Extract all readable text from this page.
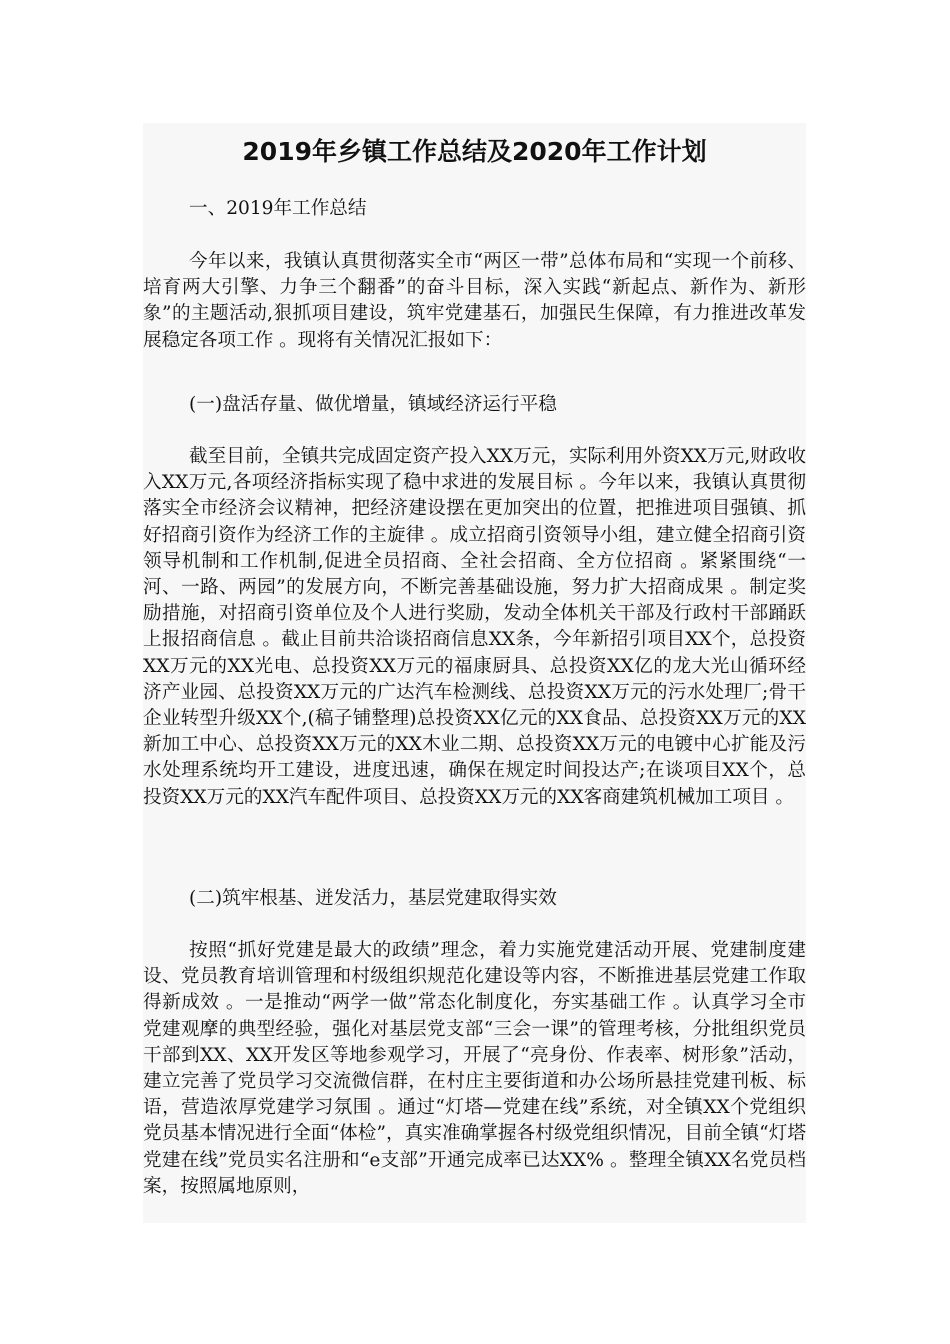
2019年乡镇工作总结及2020年工作计划

一、2019年工作总结

今年以来，我镇认真贯彻落实全市“两区一带”总体布局和“实现一个前移、培育两大引擎、力争三个翻番”的奋斗目标，深入实践“新起点、新作为、新形象”的主题活动,狠抓项目建设，筑牢党建基石，加强民生保障，有力推进改革发展稳定各项工作 。现将有关情况汇报如下：

(一)盘活存量、做优增量，镇域经济运行平稳

截至目前，全镇共完成固定资产投入XX万元，实际利用外资XX万元,财政收入XX万元,各项经济指标实现了稳中求进的发展目标 。今年以来，我镇认真贯彻落实全市经济会议精神，把经济建设摆在更加突出的位置，把推进项目强镇、抓好招商引资作为经济工作的主旋律 。成立招商引资领导小组，建立健全招商引资领导机制和工作机制,促进全员招商、全社会招商、全方位招商 。紧紧围绕“一河、一路、两园”的发展方向，不断完善基础设施，努力扩大招商成果 。制定奖励措施，对招商引资单位及个人进行奖励，发动全体机关干部及行政村干部踊跃上报招商信息 。截止目前共洽谈招商信息XX条，今年新招引项目XX个，总投资XX万元的XX光电、总投资XX万元的福康厨具、总投资XX亿的龙大光山循环经济产业园、总投资XX万元的广达汽车检测线、总投资XX万元的污水处理厂;骨干企业转型升级XX个,(稿子铺整理)总投资XX亿元的XX食品、总投资XX万元的XX新加工中心、总投资XX万元的XX木业二期、总投资XX万元的电镀中心扩能及污水处理系统均开工建设，进度迅速，确保在规定时间投达产;在谈项目XX个，总投资XX万元的XX汽车配件项目、总投资XX万元的XX客商建筑机械加工项目 。

(二)筑牢根基、迸发活力，基层党建取得实效

按照“抓好党建是最大的政绩”理念，着力实施党建活动开展、党建制度建设、党员教育培训管理和村级组织规范化建设等内容，不断推进基层党建工作取得新成效 。一是推动“两学一做”常态化制度化，夯实基础工作 。认真学习全市党建观摩的典型经验，强化对基层党支部“三会一课”的管理考核，分批组织党员干部到XX、XX开发区等地参观学习，开展了“亮身份、作表率、树形象”活动，建立完善了党员学习交流微信群，在村庄主要街道和办公场所悬挂党建刊板、标语，营造浓厚党建学习氛围 。通过“灯塔—党建在线”系统，对全镇XX个党组织党员基本情况进行全面“体检”，真实准确掌握各村级党组织情况，目前全镇“灯塔党建在线”党员实名注册和“e支部”开通完成率已达XX% 。整理全镇XX名党员档案，按照属地原则，
